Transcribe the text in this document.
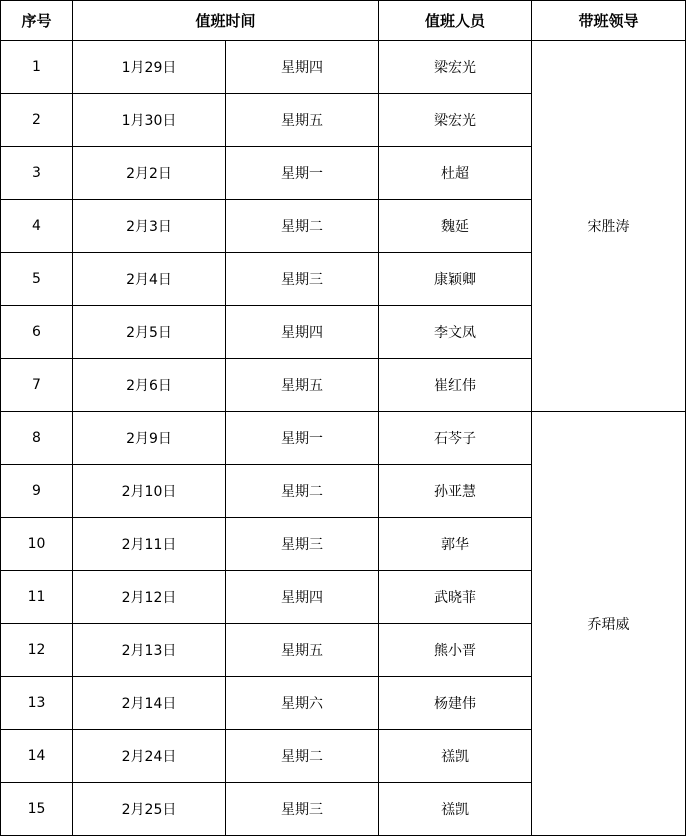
序号	值班时间		值班人员	带班领导
1	1月29日	星期四	梁宏光	宋胜涛
2	1月30日	星期五	梁宏光	
3	2月2日	星期一	杜超	
4	2月3日	星期二	魏延	
5	2月4日	星期三	康颖卿	
6	2月5日	星期四	李文凤	
7	2月6日	星期五	崔红伟	
8	2月9日	星期一	石芩子	乔珺威
9	2月10日	星期二	孙亚慧	
10	2月11日	星期三	郭华	
11	2月12日	星期四	武晓菲	
12	2月13日	星期五	熊小晋	
13	2月14日	星期六	杨建伟	
14	2月24日	星期二	禚凯	
15	2月25日	星期三	禚凯	
